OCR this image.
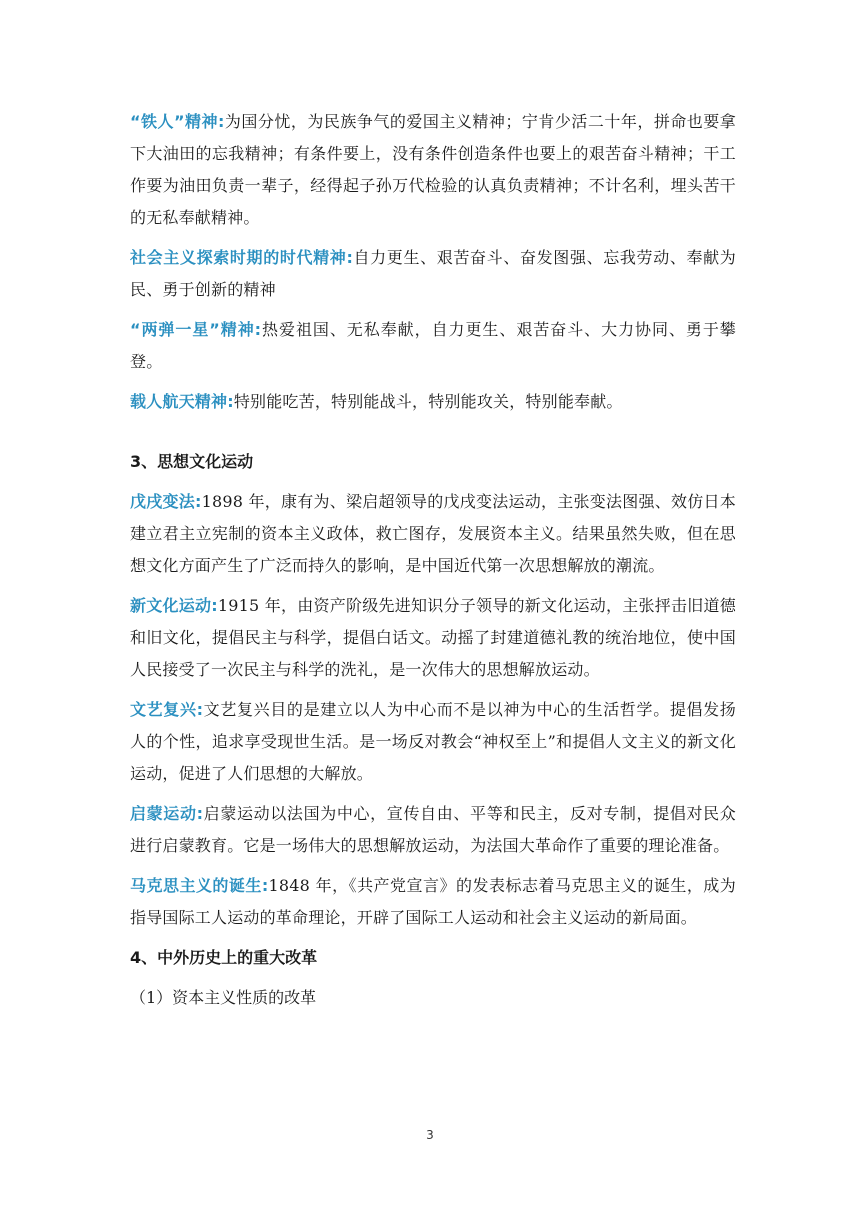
“铁人”精神:为国分忧，为民族争气的爱国主义精神；宁肯少活二十年，拼命也要拿下大油田的忘我精神；有条件要上，没有条件创造条件也要上的艰苦奋斗精神；干工作要为油田负责一辈子，经得起子孙万代检验的认真负责精神；不计名利，埋头苦干的无私奉献精神。

社会主义探索时期的时代精神:自力更生、艰苦奋斗、奋发图强、忘我劳动、奉献为民、勇于创新的精神

“两弹一星”精神:热爱祖国、无私奉献，自力更生、艰苦奋斗、大力协同、勇于攀登。

载人航天精神:特别能吃苦，特别能战斗，特别能攻关，特别能奉献。

3、思想文化运动

戊戌变法:1898 年，康有为、梁启超领导的戊戌变法运动，主张变法图强、效仿日本建立君主立宪制的资本主义政体，救亡图存，发展资本主义。结果虽然失败，但在思想文化方面产生了广泛而持久的影响，是中国近代第一次思想解放的潮流。

新文化运动:1915 年，由资产阶级先进知识分子领导的新文化运动，主张抨击旧道德和旧文化，提倡民主与科学，提倡白话文。动摇了封建道德礼教的统治地位，使中国人民接受了一次民主与科学的洗礼，是一次伟大的思想解放运动。

文艺复兴:文艺复兴目的是建立以人为中心而不是以神为中心的生活哲学。提倡发扬人的个性，追求享受现世生活。是一场反对教会“神权至上”和提倡人文主义的新文化运动，促进了人们思想的大解放。

启蒙运动:启蒙运动以法国为中心，宣传自由、平等和民主，反对专制，提倡对民众进行启蒙教育。它是一场伟大的思想解放运动，为法国大革命作了重要的理论准备。

马克思主义的诞生:1848 年，《共产党宣言》的发表标志着马克思主义的诞生，成为指导国际工人运动的革命理论，开辟了国际工人运动和社会主义运动的新局面。

4、中外历史上的重大改革

（1）资本主义性质的改革

3
